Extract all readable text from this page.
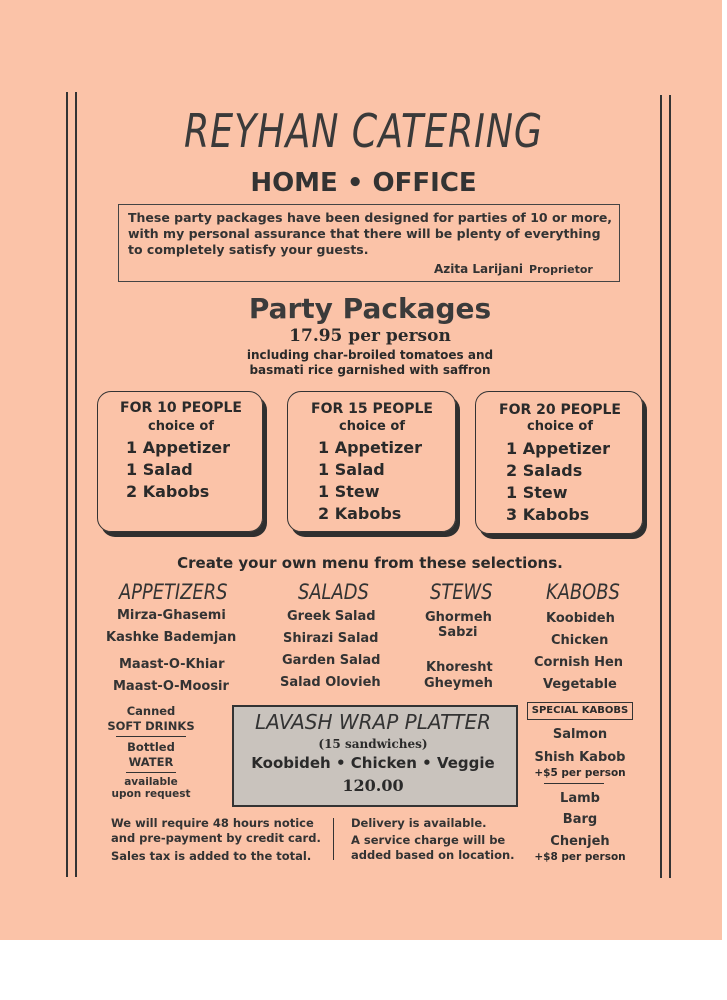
REYHAN CATERING
HOME • OFFICE
These party packages have been designed for parties of 10 or more, with my personal assurance that there will be plenty of everything to completely satisfy your guests.
Azita Larijani Proprietor
Party Packages
17.95 per person
including char-broiled tomatoes and
basmati rice garnished with saffron
FOR 10 PEOPLE
choice of
1 Appetizer
1 Salad
2 Kabobs
FOR 15 PEOPLE
choice of
1 Appetizer
1 Salad
1 Stew
2 Kabobs
FOR 20 PEOPLE
choice of
1 Appetizer
2 Salads
1 Stew
3 Kabobs
Create your own menu from these selections.
APPETIZERS	SALADS	STEWS	KABOBS
Mirza-Ghasemi
Kashke Bademjan
Maast-O-Khiar
Maast-O-Moosir
Greek Salad
Shirazi Salad
Garden Salad
Salad Olovieh
Ghormeh
Sabzi
Khoresht
Gheymeh
Koobideh
Chicken
Cornish Hen
Vegetable
Canned
SOFT DRINKS
Bottled
WATER
available
upon request
LAVASH WRAP PLATTER
(15 sandwiches)
Koobideh • Chicken • Veggie
120.00
SPECIAL KABOBS
Salmon
Shish Kabob
+$5 per person
Lamb
Barg
Chenjeh
+$8 per person
We will require 48 hours notice
and pre-payment by credit card.
Sales tax is added to the total.
Delivery is available.
A service charge will be
added based on location.
